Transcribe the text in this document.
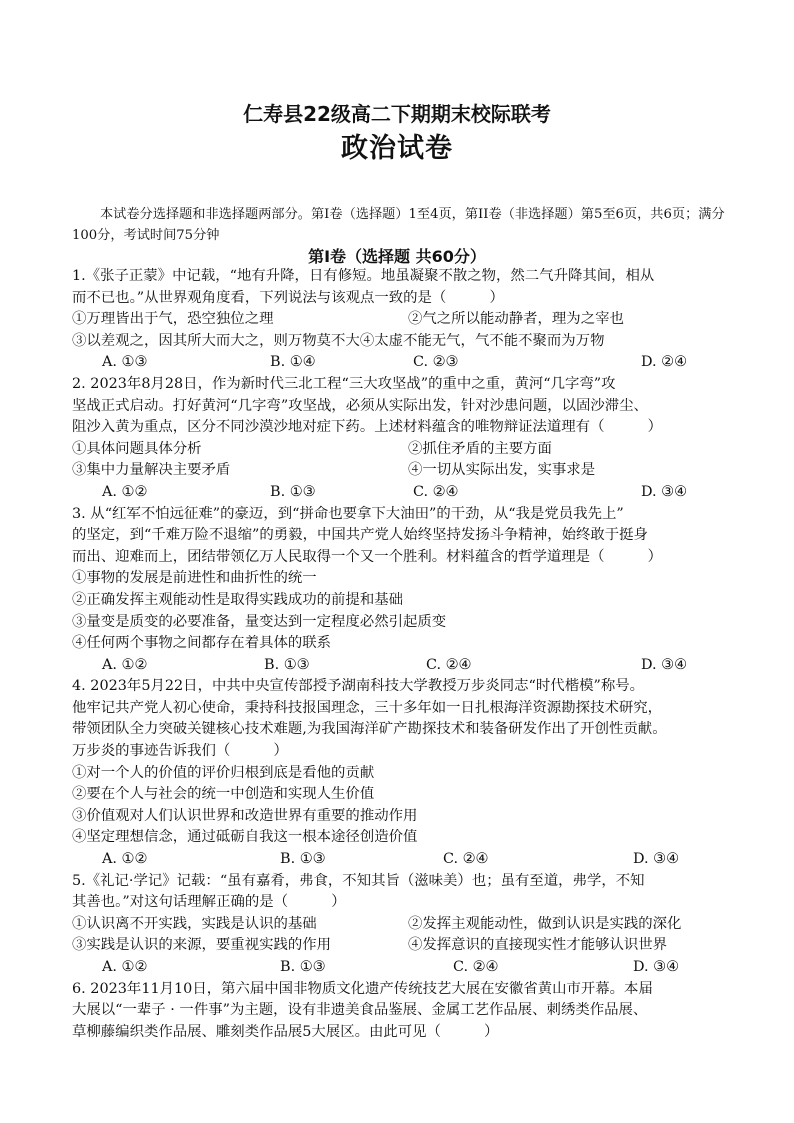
仁寿县22级高二下期期末校际联考
政治试卷
本试卷分选择题和非选择题两部分。第I卷（选择题）1至4页，第II卷（非选择题）第5至6页，共6页；满分100分，考试时间75分钟
第I卷（选择题 共60分）
1.《张子正蒙》中记载，“地有升降，日有修短。地虽凝聚不散之物，然二气升降其间，相从
而不已也。”从世界观角度看，下列说法与该观点一致的是（　　　）
①万理皆出于气，恐空独位之理	②气之所以能动静者，理为之宰也
③以差观之，因其所大而大之，则万物莫不大④太虚不能无气，气不能不聚而为万物
A. ①③	B. ①④	C. ②③	D. ②④
2. 2023年8月28日，作为新时代三北工程“三大攻坚战”的重中之重，黄河“几字弯”攻
坚战正式启动。打好黄河“几字弯”攻坚战，必须从实际出发，针对沙患问题，以固沙滞尘、
阻沙入黄为重点，区分不同沙漠沙地对症下药。上述材料蕴含的唯物辩证法道理有（　　　）
①具体问题具体分析	②抓住矛盾的主要方面
③集中力量解决主要矛盾	④一切从实际出发，实事求是
A. ①②	B. ①③	C. ②④	D. ③④
3. 从“红军不怕远征难”的豪迈，到“拼命也要拿下大油田”的干劲，从“我是党员我先上”
的坚定，到“千难万险不退缩”的勇毅，中国共产党人始终坚持发扬斗争精神，始终敢于挺身
而出、迎难而上，团结带领亿万人民取得一个又一个胜利。材料蕴含的哲学道理是（　　　）
①事物的发展是前进性和曲折性的统一
②正确发挥主观能动性是取得实践成功的前提和基础
③量变是质变的必要准备，量变达到一定程度必然引起质变
④任何两个事物之间都存在着具体的联系
A. ①②	B. ①③	C. ②④	D. ③④
4. 2023年5月22日，中共中央宣传部授予湖南科技大学教授万步炎同志“时代楷模”称号。
他牢记共产党人初心使命，秉持科技报国理念，三十多年如一日扎根海洋资源勘探技术研究，
带领团队全力突破关键核心技术难题,为我国海洋矿产勘探技术和装备研发作出了开创性贡献。
万步炎的事迹告诉我们（　　　）
①对一个人的价值的评价归根到底是看他的贡献
②要在个人与社会的统一中创造和实现人生价值
③价值观对人们认识世界和改造世界有重要的推动作用
④坚定理想信念，通过砥砺自我这一根本途径创造价值
A. ①②	B. ①③	C. ②④	D. ③④
5.《礼记·学记》记载：“虽有嘉肴，弗食，不知其旨（滋味美）也；虽有至道，弗学，不知
其善也。”对这句话理解正确的是（　　　）
①认识离不开实践，实践是认识的基础	②发挥主观能动性，做到认识是实践的深化
③实践是认识的来源，要重视实践的作用	④发挥意识的直接现实性才能够认识世界
A. ①②	B. ①③	C. ②④	D. ③④
6. 2023年11月10日，第六届中国非物质文化遗产传统技艺大展在安徽省黄山市开幕。本届
大展以“一辈子 · 一件事”为主题，设有非遗美食品鉴展、金属工艺作品展、刺绣类作品展、
草柳藤编织类作品展、雕刻类作品展5大展区。由此可见（　　　）
